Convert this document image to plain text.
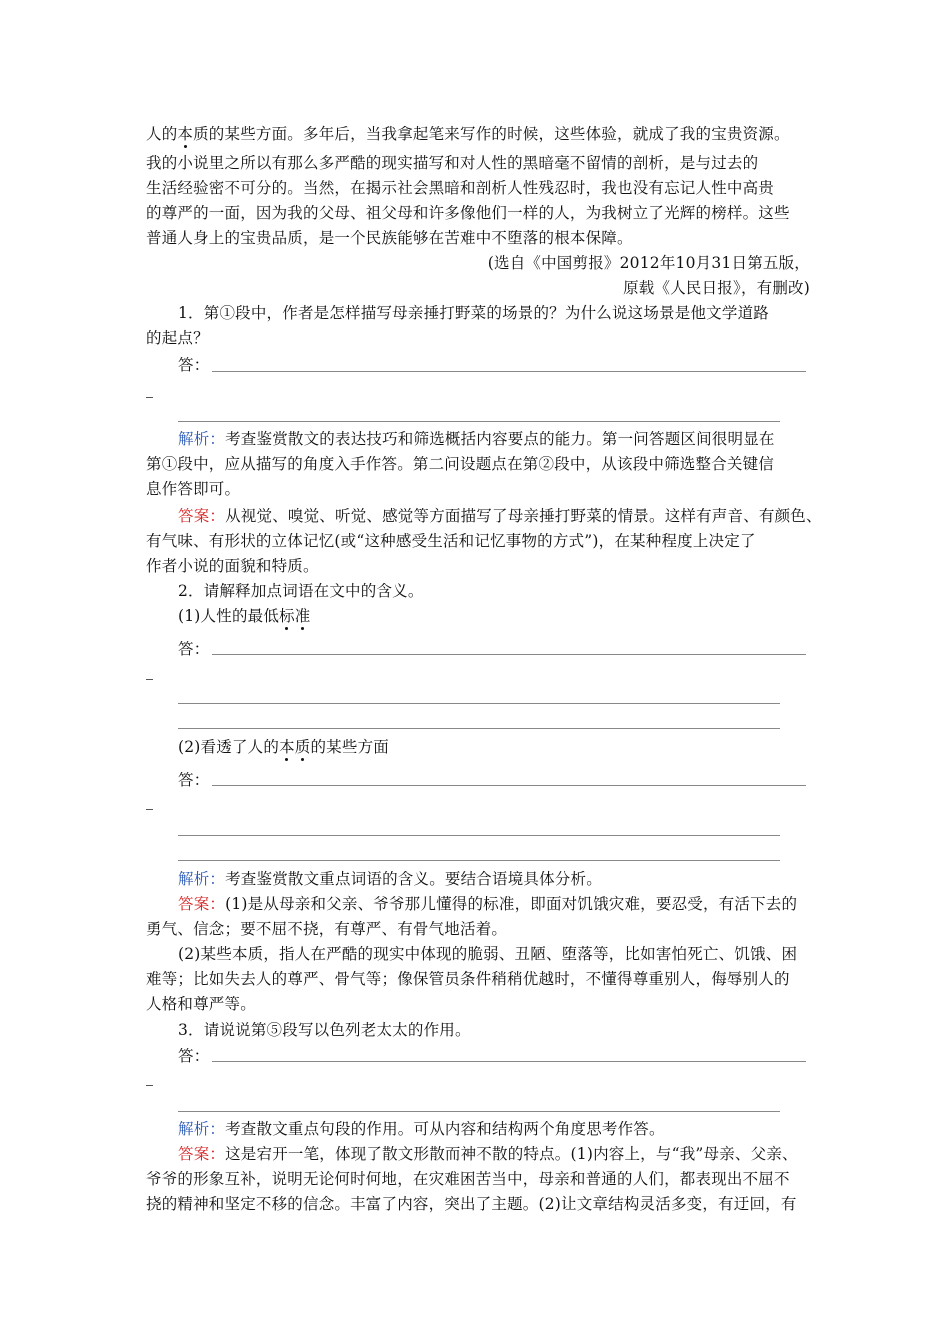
人的本质的某些方面。多年后，当我拿起笔来写作的时候，这些体验，就成了我的宝贵资源。
我的小说里之所以有那么多严酷的现实描写和对人性的黑暗毫不留情的剖析，是与过去的
生活经验密不可分的。当然，在揭示社会黑暗和剖析人性残忍时，我也没有忘记人性中高贵
的尊严的一面，因为我的父母、祖父母和许多像他们一样的人，为我树立了光辉的榜样。这些
普通人身上的宝贵品质，是一个民族能够在苦难中不堕落的根本保障。
(选自《中国剪报》2012年10月31日第五版，
原载《人民日报》，有删改)
1．第①段中，作者是怎样描写母亲捶打野菜的场景的？为什么说这场景是他文学道路
的起点？
答：
解析：考查鉴赏散文的表达技巧和筛选概括内容要点的能力。第一问答题区间很明显在
第①段中，应从描写的角度入手作答。第二问设题点在第②段中，从该段中筛选整合关键信
息作答即可。
答案：从视觉、嗅觉、听觉、感觉等方面描写了母亲捶打野菜的情景。这样有声音、有颜色、
有气味、有形状的立体记忆(或“这种感受生活和记忆事物的方式”)，在某种程度上决定了
作者小说的面貌和特质。
2．请解释加点词语在文中的含义。
(1)人性的最低标准
答：
(2)看透了人的本质的某些方面
答：
解析：考查鉴赏散文重点词语的含义。要结合语境具体分析。
答案：(1)是从母亲和父亲、爷爷那儿懂得的标准，即面对饥饿灾难，要忍受，有活下去的
勇气、信念；要不屈不挠，有尊严、有骨气地活着。
(2)某些本质，指人在严酷的现实中体现的脆弱、丑陋、堕落等，比如害怕死亡、饥饿、困
难等；比如失去人的尊严、骨气等；像保管员条件稍稍优越时，不懂得尊重别人，侮辱别人的
人格和尊严等。
3．请说说第⑤段写以色列老太太的作用。
答：
解析：考查散文重点句段的作用。可从内容和结构两个角度思考作答。
答案：这是宕开一笔，体现了散文形散而神不散的特点。(1)内容上，与“我”母亲、父亲、
爷爷的形象互补，说明无论何时何地，在灾难困苦当中，母亲和普通的人们，都表现出不屈不
挠的精神和坚定不移的信念。丰富了内容，突出了主题。(2)让文章结构灵活多变，有迂回，有
